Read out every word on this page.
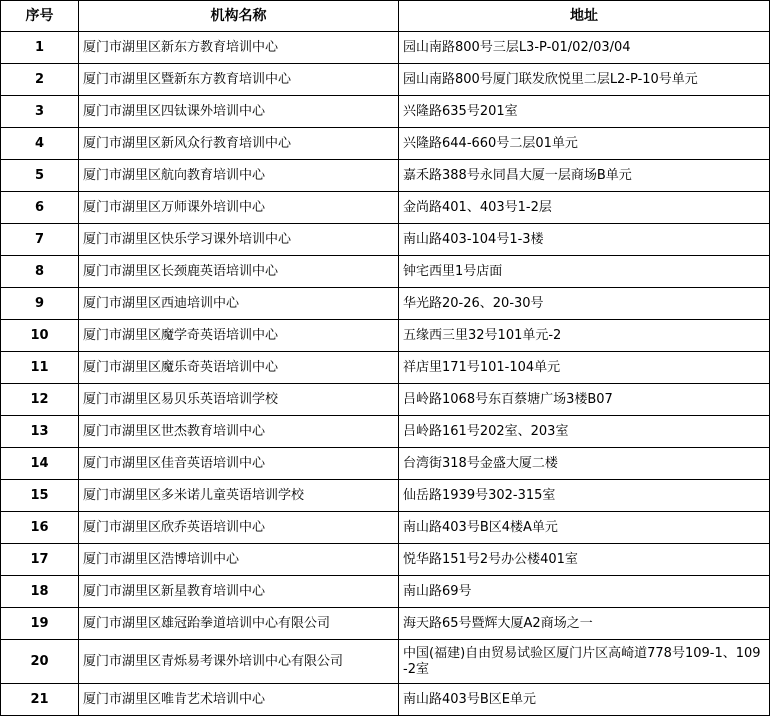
序号	机构名称	地址
1	厦门市湖里区新东方教育培训中心	园山南路800号三层L3-P-01/02/03/04
2	厦门市湖里区暨新东方教育培训中心	园山南路800号厦门联发欣悦里二层L2-P-10号单元
3	厦门市湖里区四钛课外培训中心	兴隆路635号201室
4	厦门市湖里区新风众行教育培训中心	兴隆路644-660号二层01单元
5	厦门市湖里区航向教育培训中心	嘉禾路388号永同昌大厦一层商场B单元
6	厦门市湖里区万师课外培训中心	金尚路401、403号1-2层
7	厦门市湖里区快乐学习课外培训中心	南山路403-104号1-3楼
8	厦门市湖里区长颈鹿英语培训中心	钟宅西里1号店面
9	厦门市湖里区西迪培训中心	华光路20-26、20-30号
10	厦门市湖里区魔学奇英语培训中心	五缘西三里32号101单元-2
11	厦门市湖里区魔乐奇英语培训中心	祥店里171号101-104单元
12	厦门市湖里区易贝乐英语培训学校	吕岭路1068号东百蔡塘广场3楼B07
13	厦门市湖里区世杰教育培训中心	吕岭路161号202室、203室
14	厦门市湖里区佳音英语培训中心	台湾街318号金盛大厦二楼
15	厦门市湖里区多米诺儿童英语培训学校	仙岳路1939号302-315室
16	厦门市湖里区欣乔英语培训中心	南山路403号B区4楼A单元
17	厦门市湖里区浩博培训中心	悦华路151号2号办公楼401室
18	厦门市湖里区新星教育培训中心	南山路69号
19	厦门市湖里区雄冠跆拳道培训中心有限公司	海天路65号暨辉大厦A2商场之一
20	厦门市湖里区青烁易考课外培训中心有限公司	中国(福建)自由贸易试验区厦门片区高崎道778号109-1、109-2室
21	厦门市湖里区唯肯艺术培训中心	南山路403号B区E单元
